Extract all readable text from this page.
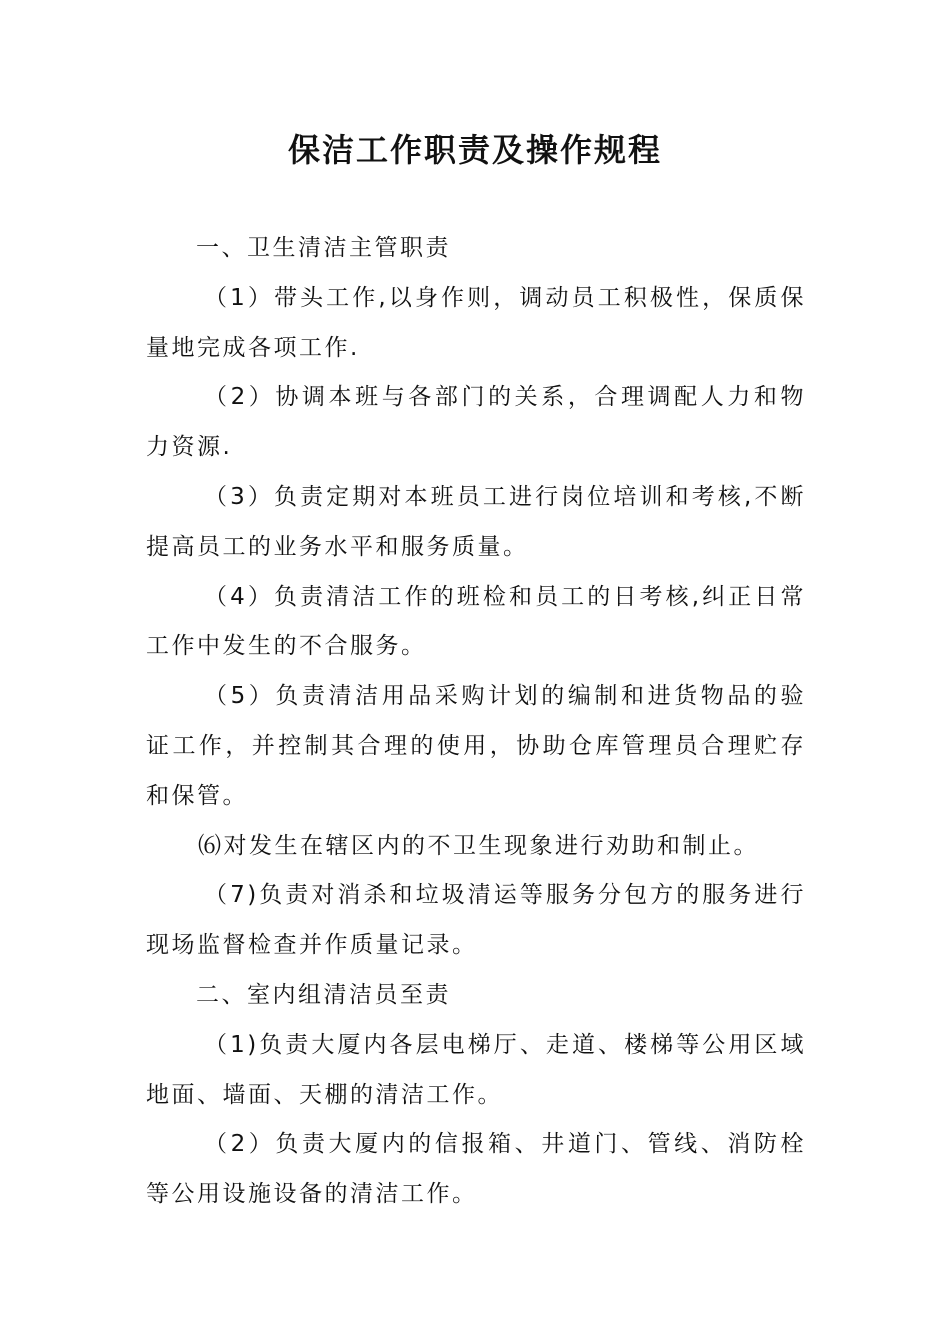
保洁工作职责及操作规程

一、卫生清洁主管职责

（1）带头工作,以身作则，调动员工积极性，保质保量地完成各项工作.

（2）协调本班与各部门的关系，合理调配人力和物力资源.

（3）负责定期对本班员工进行岗位培训和考核,不断提高员工的业务水平和服务质量。

（4）负责清洁工作的班检和员工的日考核,纠正日常工作中发生的不合服务。

（5）负责清洁用品采购计划的编制和进货物品的验证工作，并控制其合理的使用，协助仓库管理员合理贮存和保管。

⑹对发生在辖区内的不卫生现象进行劝助和制止。

（7)负责对消杀和垃圾清运等服务分包方的服务进行现场监督检查并作质量记录。

二、室内组清洁员至责

（1)负责大厦内各层电梯厅、走道、楼梯等公用区域地面、墙面、天棚的清洁工作。

（2）负责大厦内的信报箱、井道门、管线、消防栓等公用设施设备的清洁工作。
